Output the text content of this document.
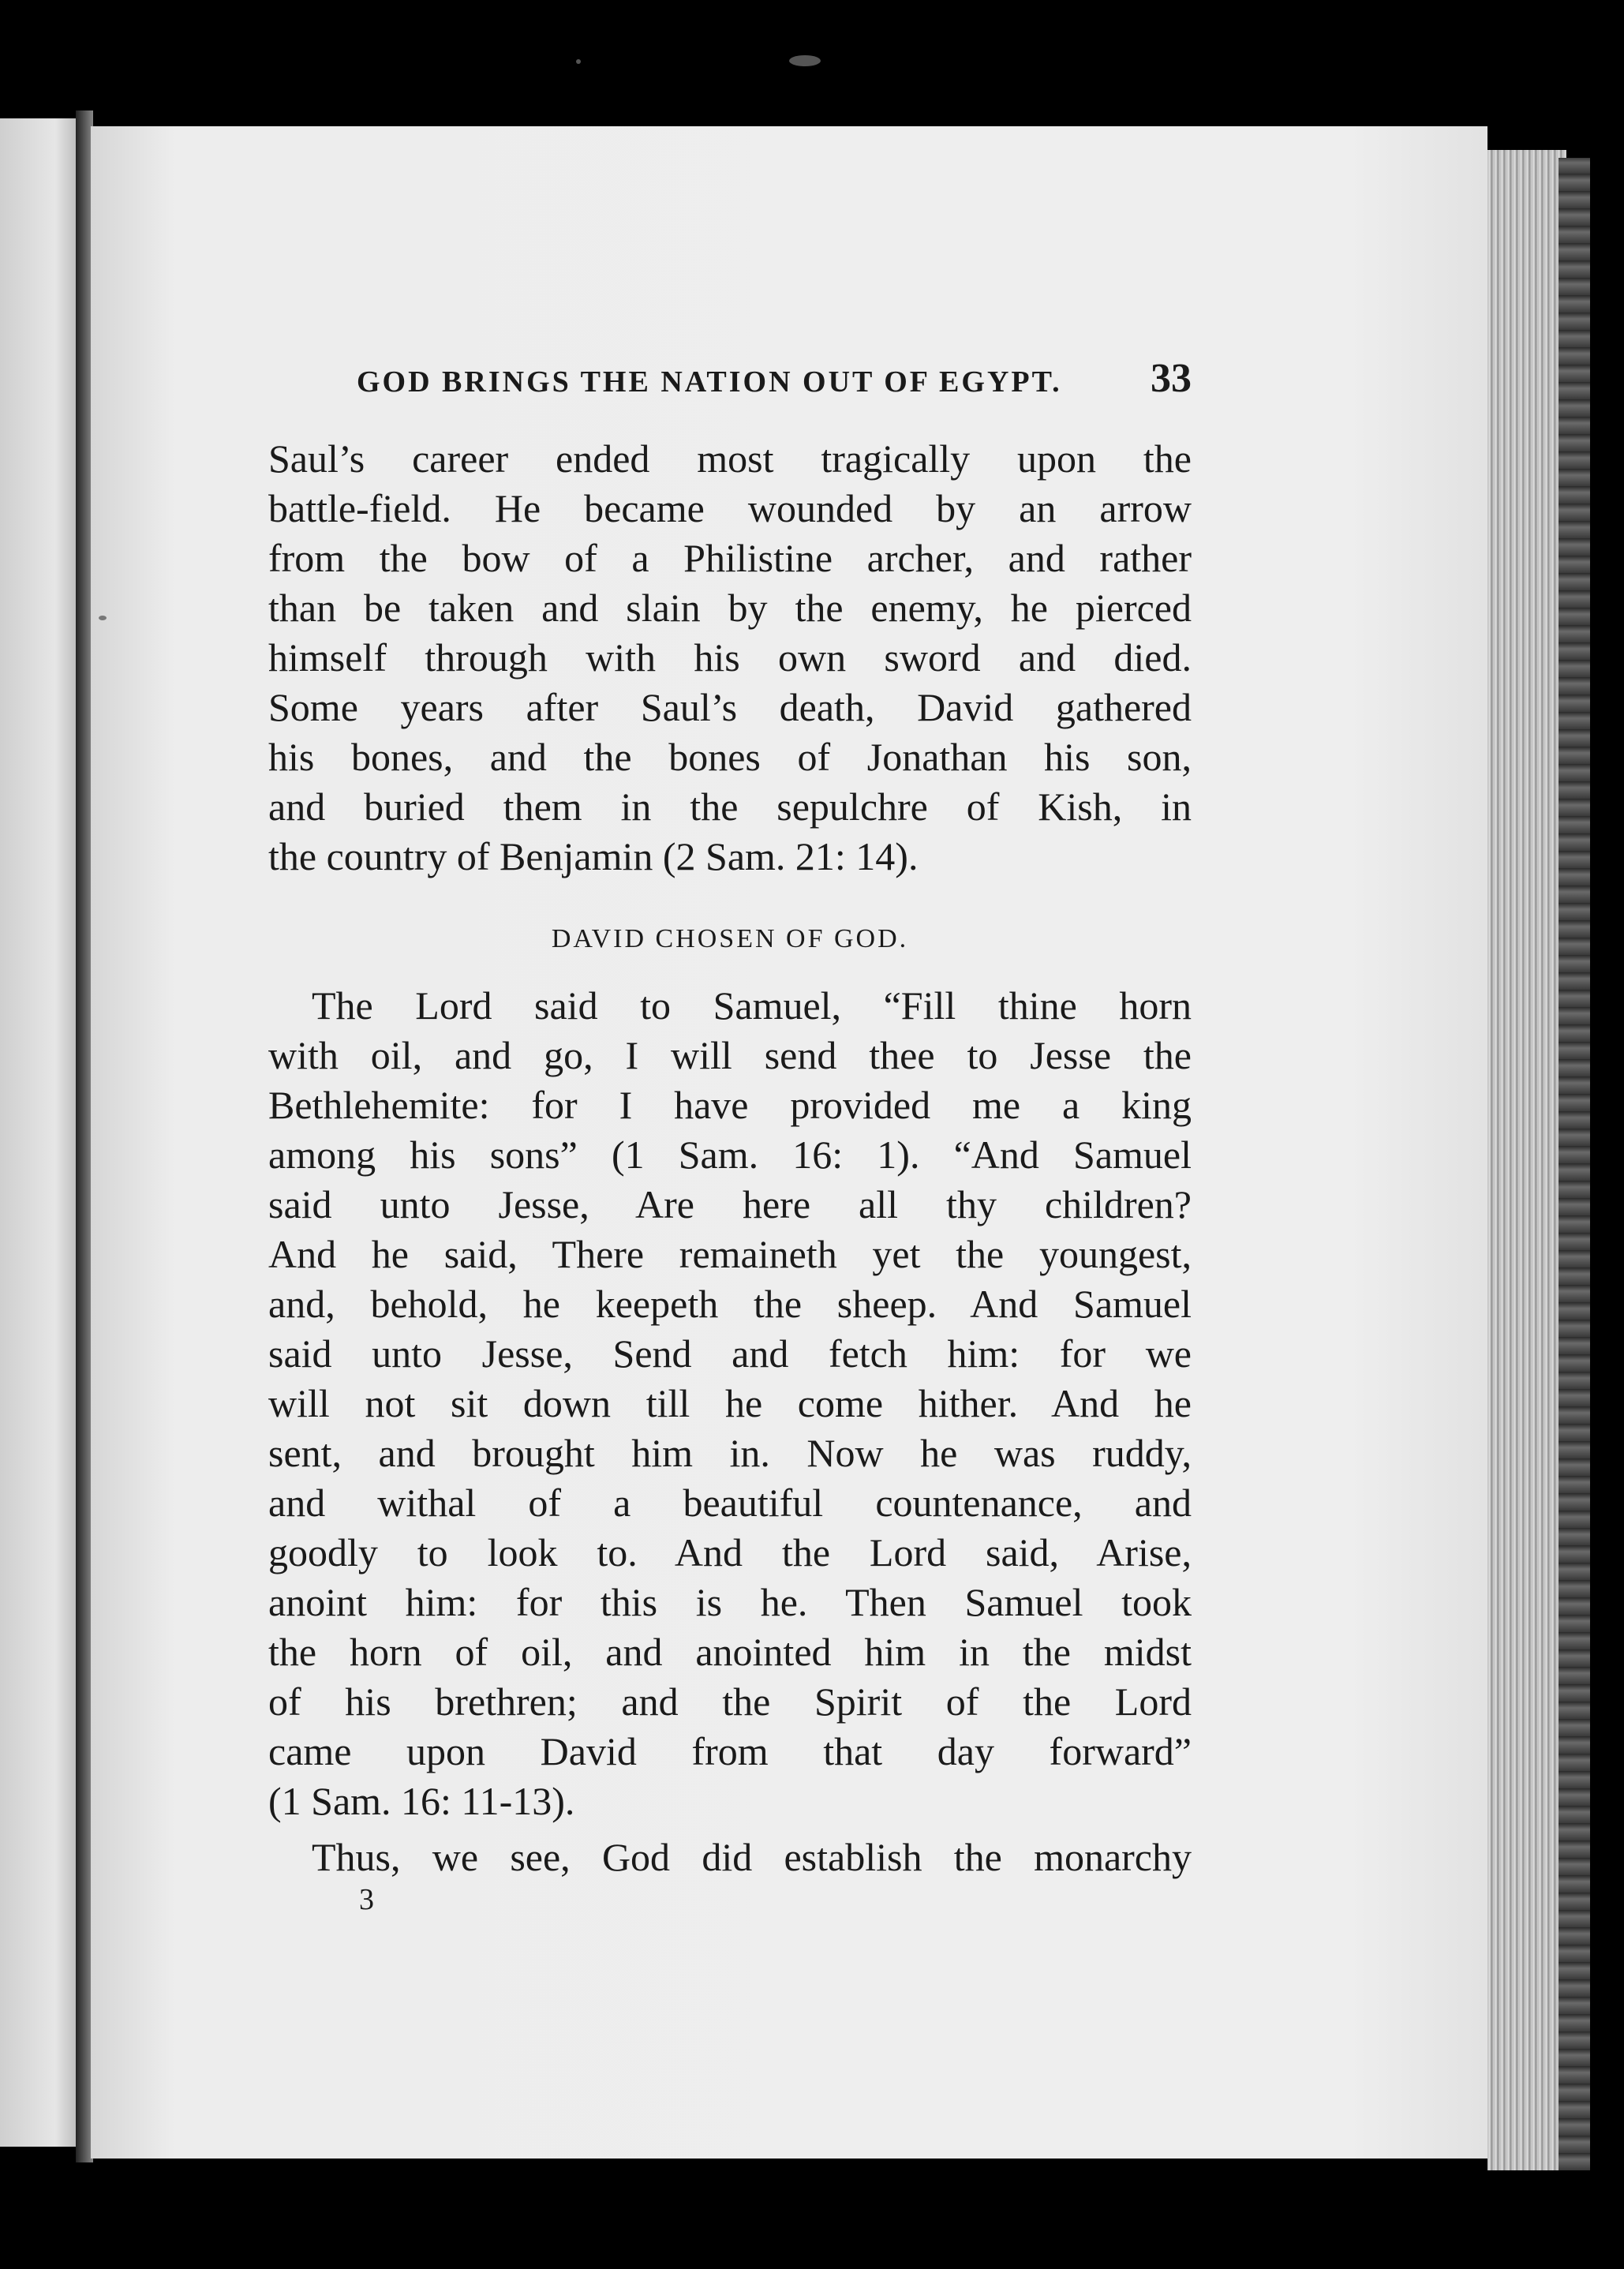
GOD BRINGS THE NATION OUT OF EGYPT. 33
Saul’s career ended most tragically upon the
battle-field. He became wounded by an arrow
from the bow of a Philistine archer, and rather
than be taken and slain by the enemy, he pierced
himself through with his own sword and died.
Some years after Saul’s death, David gathered
his bones, and the bones of Jonathan his son,
and buried them in the sepulchre of Kish, in
the country of Benjamin (2 Sam. 21: 14).
DAVID CHOSEN OF GOD.
The Lord said to Samuel, “Fill thine horn
with oil, and go, I will send thee to Jesse the
Bethlehemite: for I have provided me a king
among his sons” (1 Sam. 16: 1). “And Samuel
said unto Jesse, Are here all thy children?
And he said, There remaineth yet the youngest,
and, behold, he keepeth the sheep. And Samuel
said unto Jesse, Send and fetch him: for we
will not sit down till he come hither. And he
sent, and brought him in. Now he was ruddy,
and withal of a beautiful countenance, and
goodly to look to. And the Lord said, Arise,
anoint him: for this is he. Then Samuel took
the horn of oil, and anointed him in the midst
of his brethren; and the Spirit of the Lord
came upon David from that day forward”
(1 Sam. 16: 11-13).
Thus, we see, God did establish the monarchy
3
